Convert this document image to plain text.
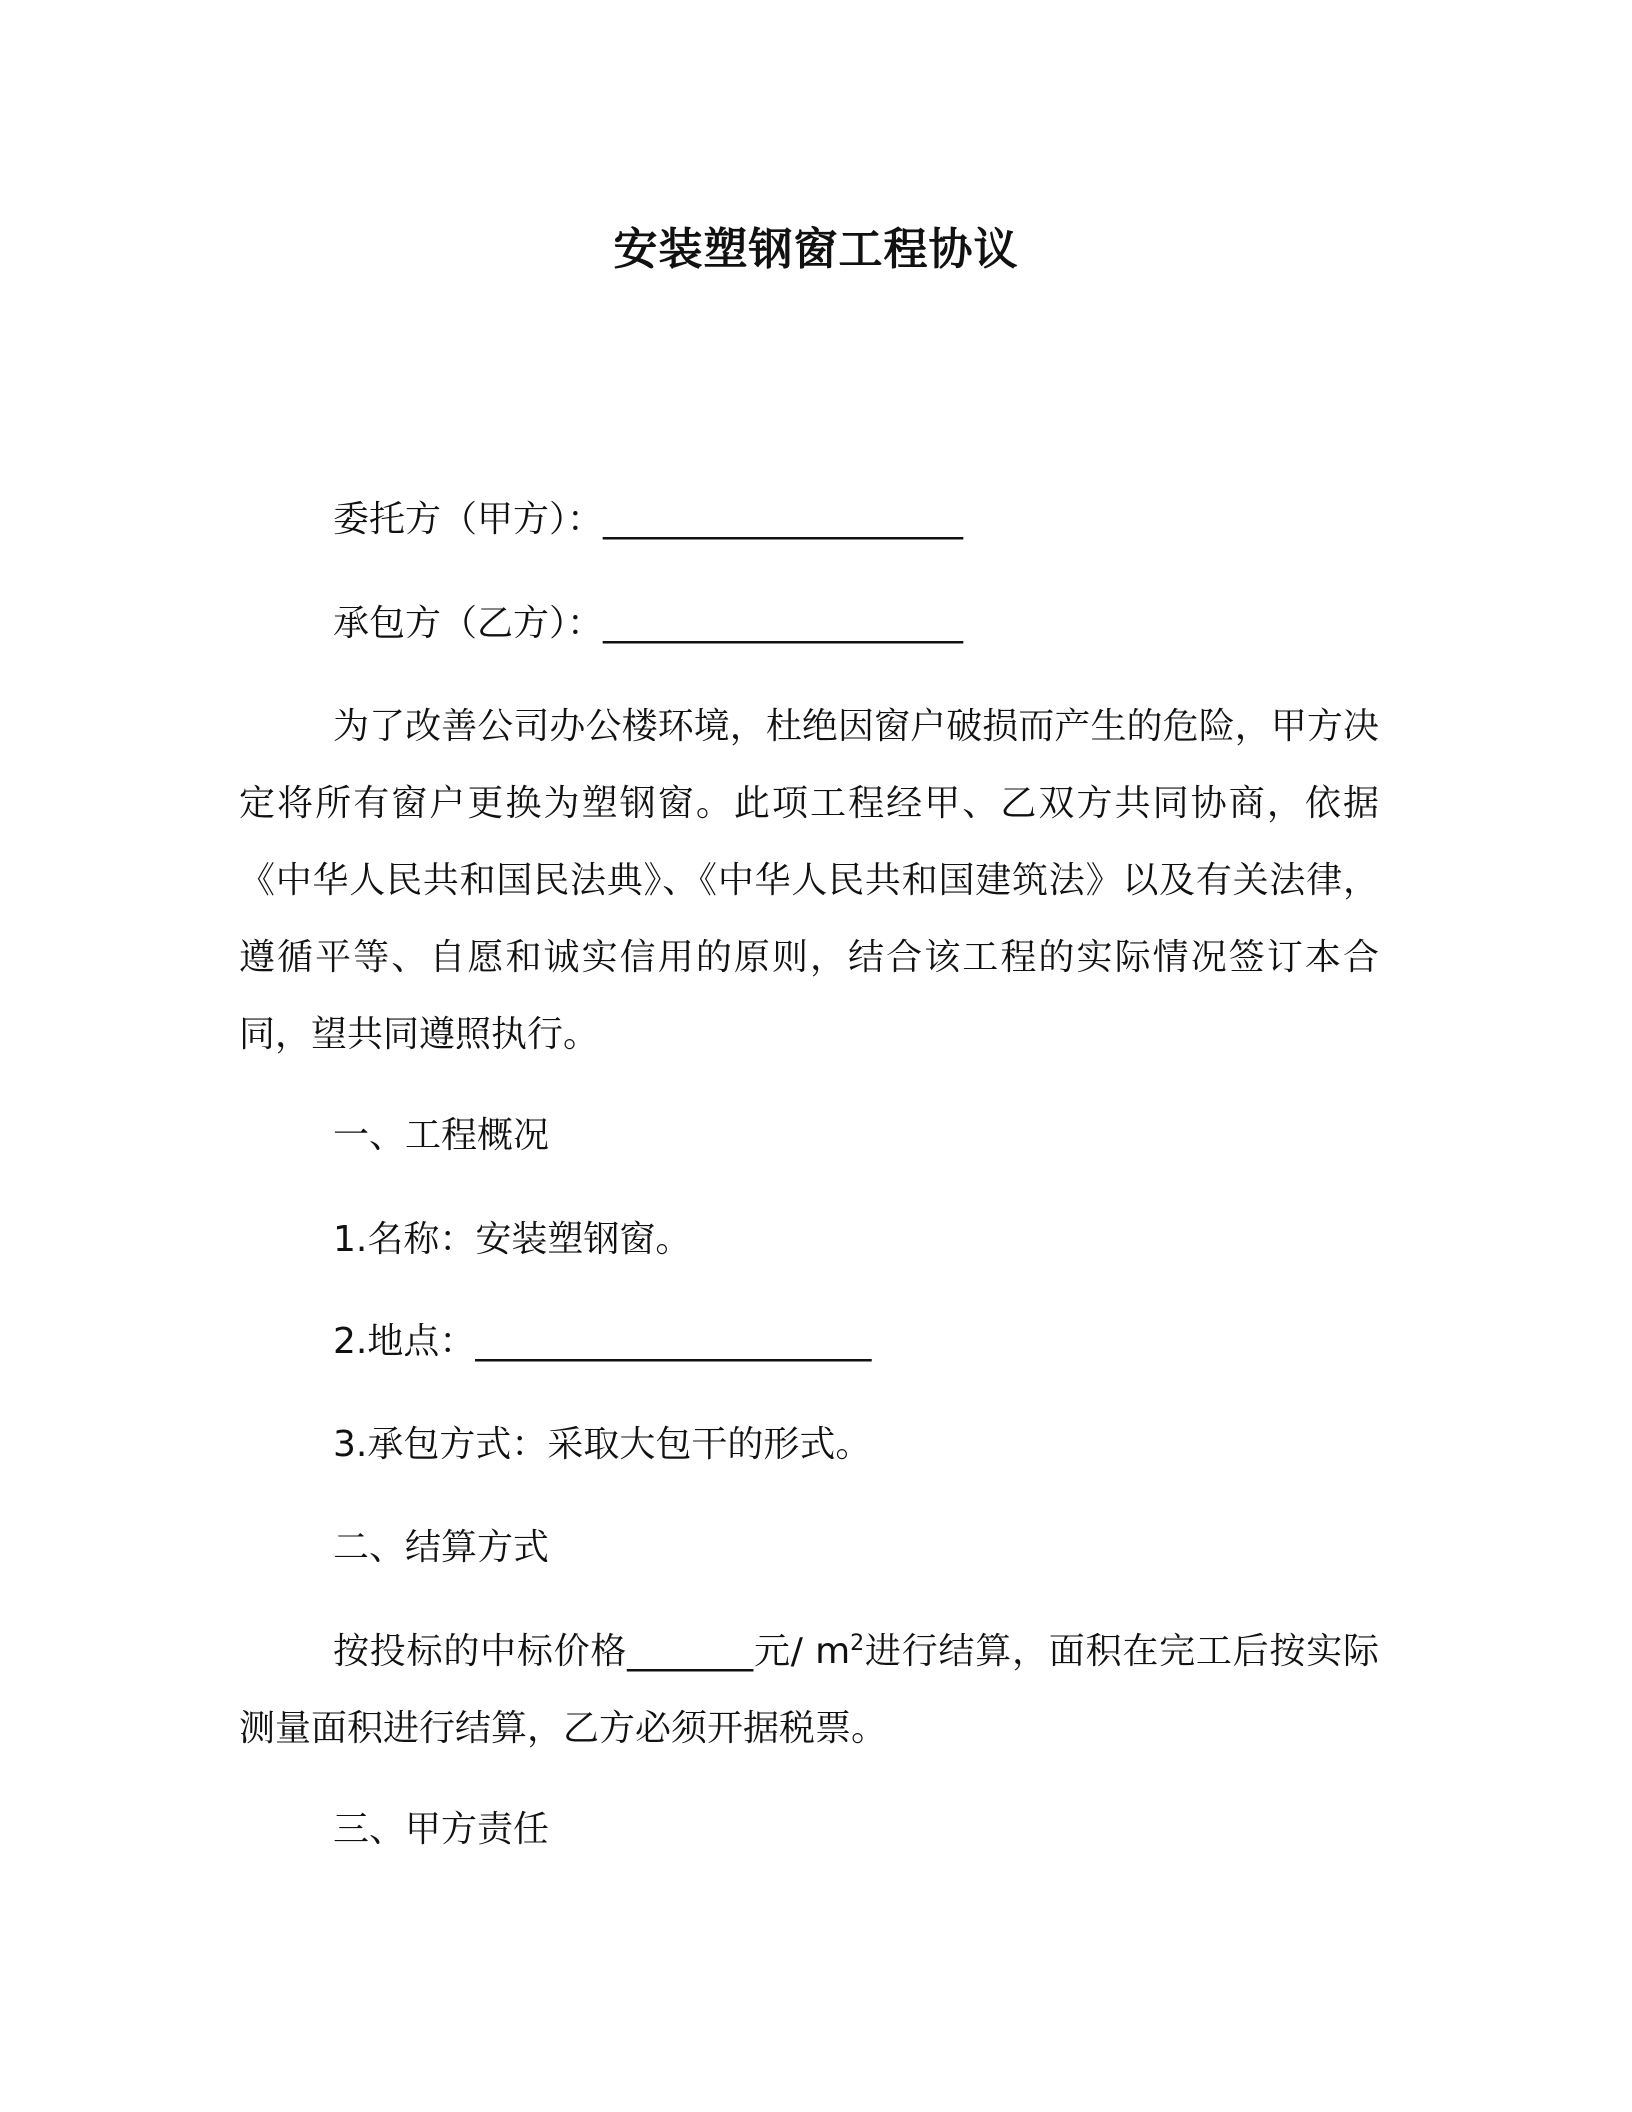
安装塑钢窗工程协议
委托方（甲方）：____________________
承包方（乙方）：____________________

为了改善公司办公楼环境，杜绝因窗户破损而产生的危险，甲方决定将所有窗户更换为塑钢窗。此项工程经甲、乙双方共同协商，依据《中华人民共和国民法典》、《中华人民共和国建筑法》以及有关法律，遵循平等、自愿和诚实信用的原则，结合该工程的实际情况签订本合同，望共同遵照执行。

一、工程概况
1.名称：安装塑钢窗。
2.地点：______________________
3.承包方式：采取大包干的形式。
二、结算方式

按投标的中标价格_______元/ $m^2$进行结算，面积在完工后按实际测量面积进行结算，乙方必须开据税票。

三、甲方责任
